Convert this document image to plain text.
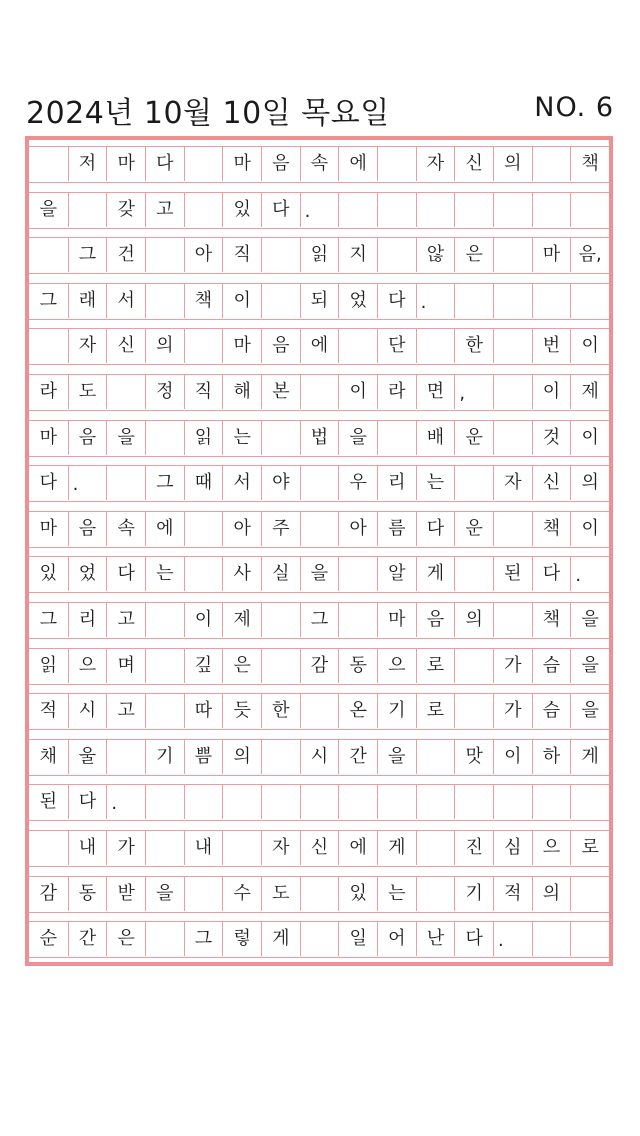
2024년 10월 10일 목요일	NO. 6
저	마	다	마	음	속	에	자	신	의	책
을	갖	고	있	다 .
그	건	아	직	읽	지	않	은	마	음,
그	래	서	책	이	되	었	다 .
자	신	의	마	음	에	단	한	번	이
라	도	정	직	해	본	이	라	면 ,	이	제
마	음	을	읽	는	법	을	배	운	것	이
다 .	그	때	서	야	우	리	는	자	신	의
마	음	속	에	아	주	아	름	다	운	책	이
있	었	다	는	사	실	을	알	게	된	다 .
그	리	고	이	제	그	마	음	의	책	을
읽	으	며	깊	은	감	동	으	로	가	슴	을
적	시	고	따	듯	한	온	기	로	가	슴	을
채	울	기	쁨	의	시	간	을	맛	이	하	게
된	다 .
내	가	내	자	신	에	게	진	심	으	로
감	동	받	을	수	도	있	는	기	적	의
순	간	은	그	렇	게	일	어	난	다 .
